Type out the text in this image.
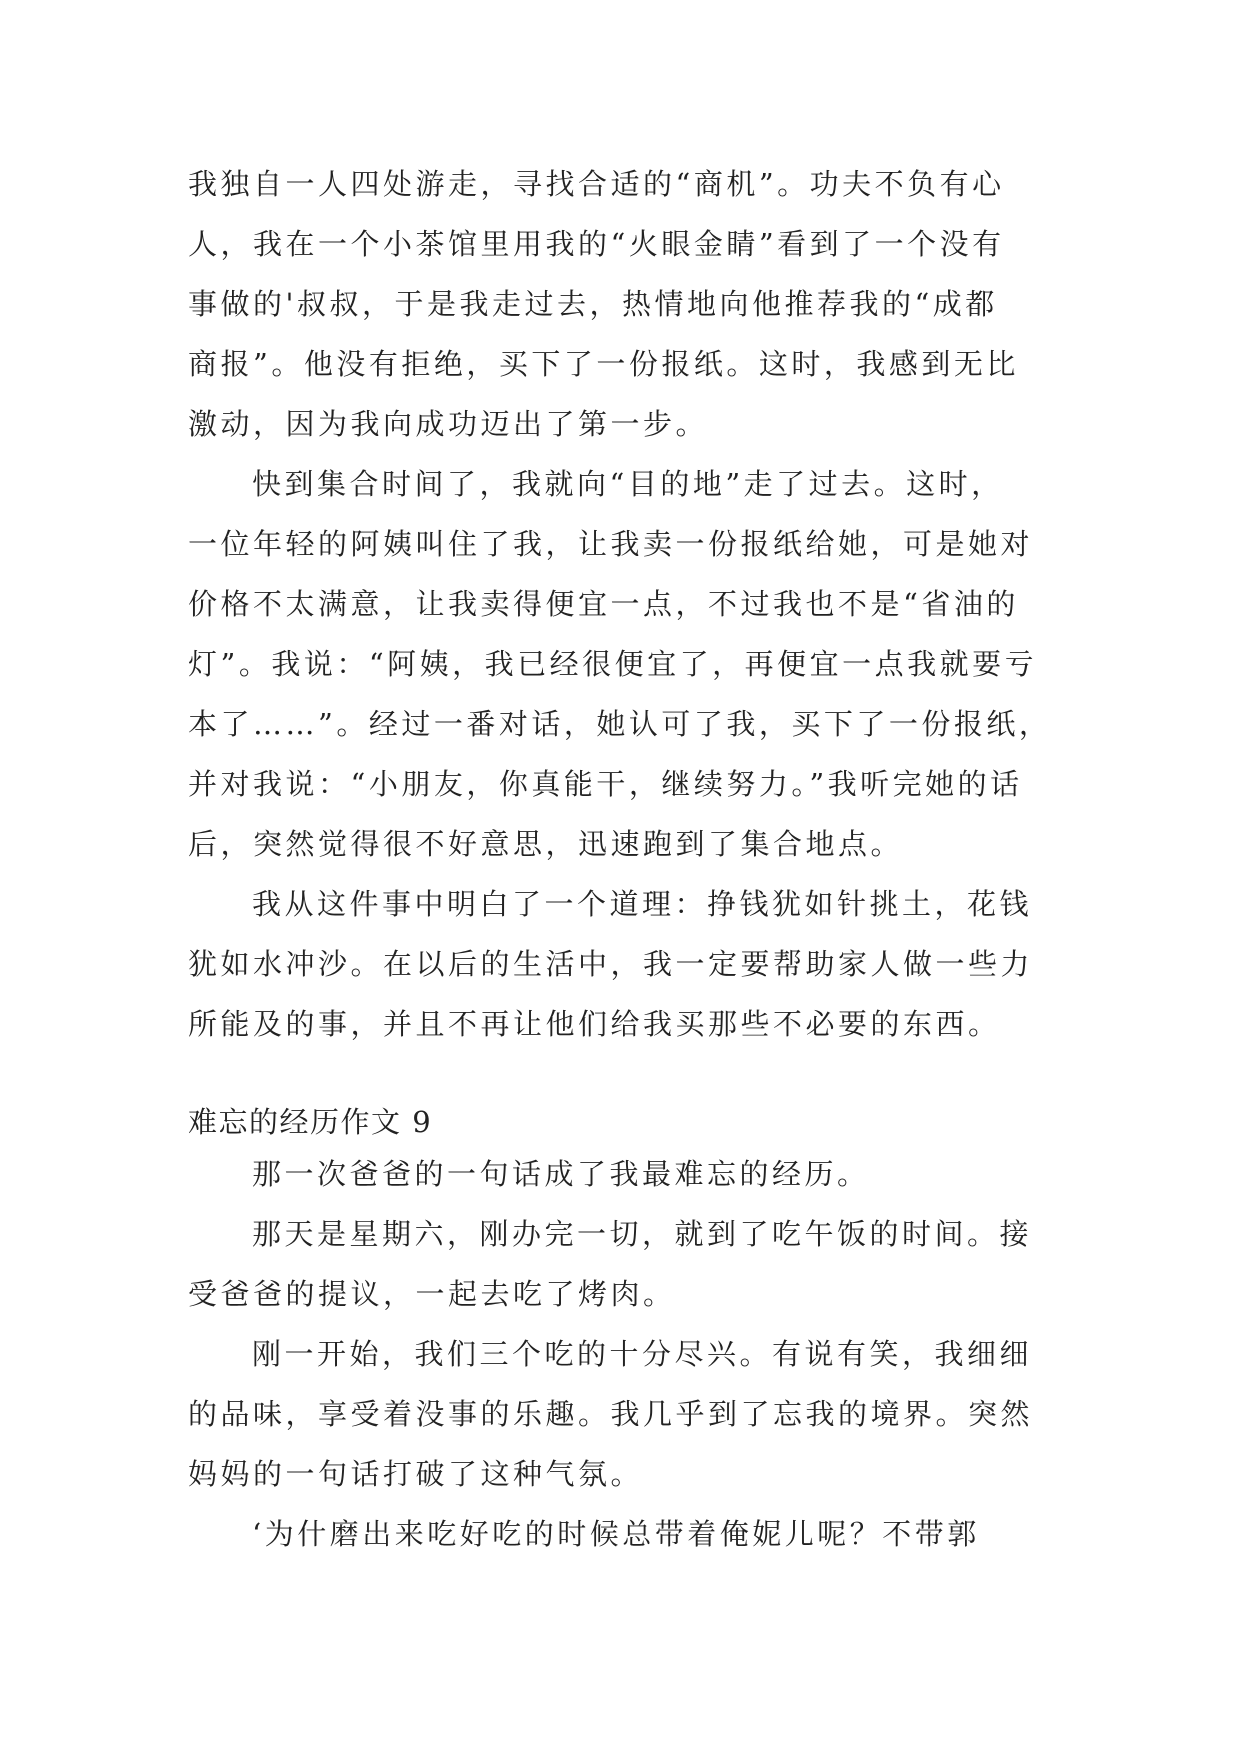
我独自一人四处游走，寻找合适的“商机”。功夫不负有心
人，我在一个小茶馆里用我的“火眼金睛”看到了一个没有
事做的'叔叔，于是我走过去，热情地向他推荐我的“成都
商报”。他没有拒绝，买下了一份报纸。这时，我感到无比
激动，因为我向成功迈出了第一步。
快到集合时间了，我就向“目的地”走了过去。这时，
一位年轻的阿姨叫住了我，让我卖一份报纸给她，可是她对
价格不太满意，让我卖得便宜一点，不过我也不是“省油的
灯”。我说：“阿姨，我已经很便宜了，再便宜一点我就要亏
本了……”。经过一番对话，她认可了我，买下了一份报纸，
并对我说：“小朋友，你真能干，继续努力。”我听完她的话
后，突然觉得很不好意思，迅速跑到了集合地点。
我从这件事中明白了一个道理：挣钱犹如针挑土，花钱
犹如水冲沙。在以后的生活中，我一定要帮助家人做一些力
所能及的事，并且不再让他们给我买那些不必要的东西。
难忘的经历作文 9
那一次爸爸的一句话成了我最难忘的经历。
那天是星期六，刚办完一切，就到了吃午饭的时间。接
受爸爸的提议，一起去吃了烤肉。
刚一开始，我们三个吃的十分尽兴。有说有笑，我细细
的品味，享受着没事的乐趣。我几乎到了忘我的境界。突然
妈妈的一句话打破了这种气氛。
‘为什磨出来吃好吃的时候总带着俺妮儿呢？不带郭
